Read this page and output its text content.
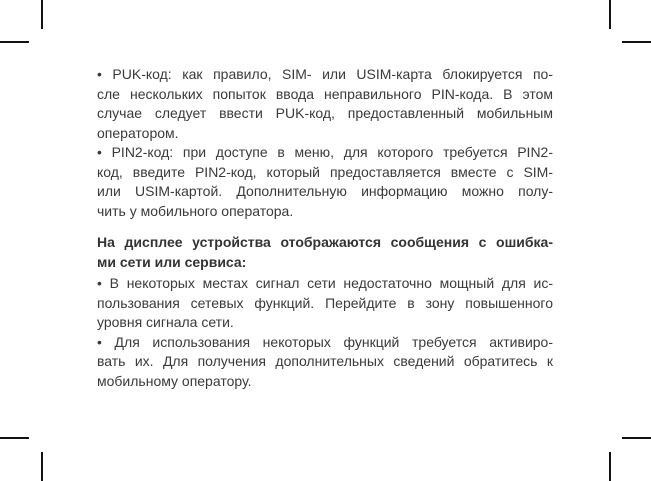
• PUK-код: как правило, SIM- или USIM-карта блокируется по-
сле нескольких попыток ввода неправильного PIN-кода. В этом
случае следует ввести PUK-код, предоставленный мобильным
оператором.

• PIN2-код: при доступе в меню, для которого требуется PIN2-
код, введите PIN2-код, который предоставляется вместе с SIM-
или USIM-картой. Дополнительную информацию можно полу-
чить у мобильного оператора.

На дисплее устройства отображаются сообщения с ошибка-
ми сети или сервиса:

• В некоторых местах сигнал сети недостаточно мощный для ис-
пользования сетевых функций. Перейдите в зону повышенного
уровня сигнала сети.

• Для использования некоторых функций требуется активиро-
вать их. Для получения дополнительных сведений обратитесь к
мобильному оператору.
